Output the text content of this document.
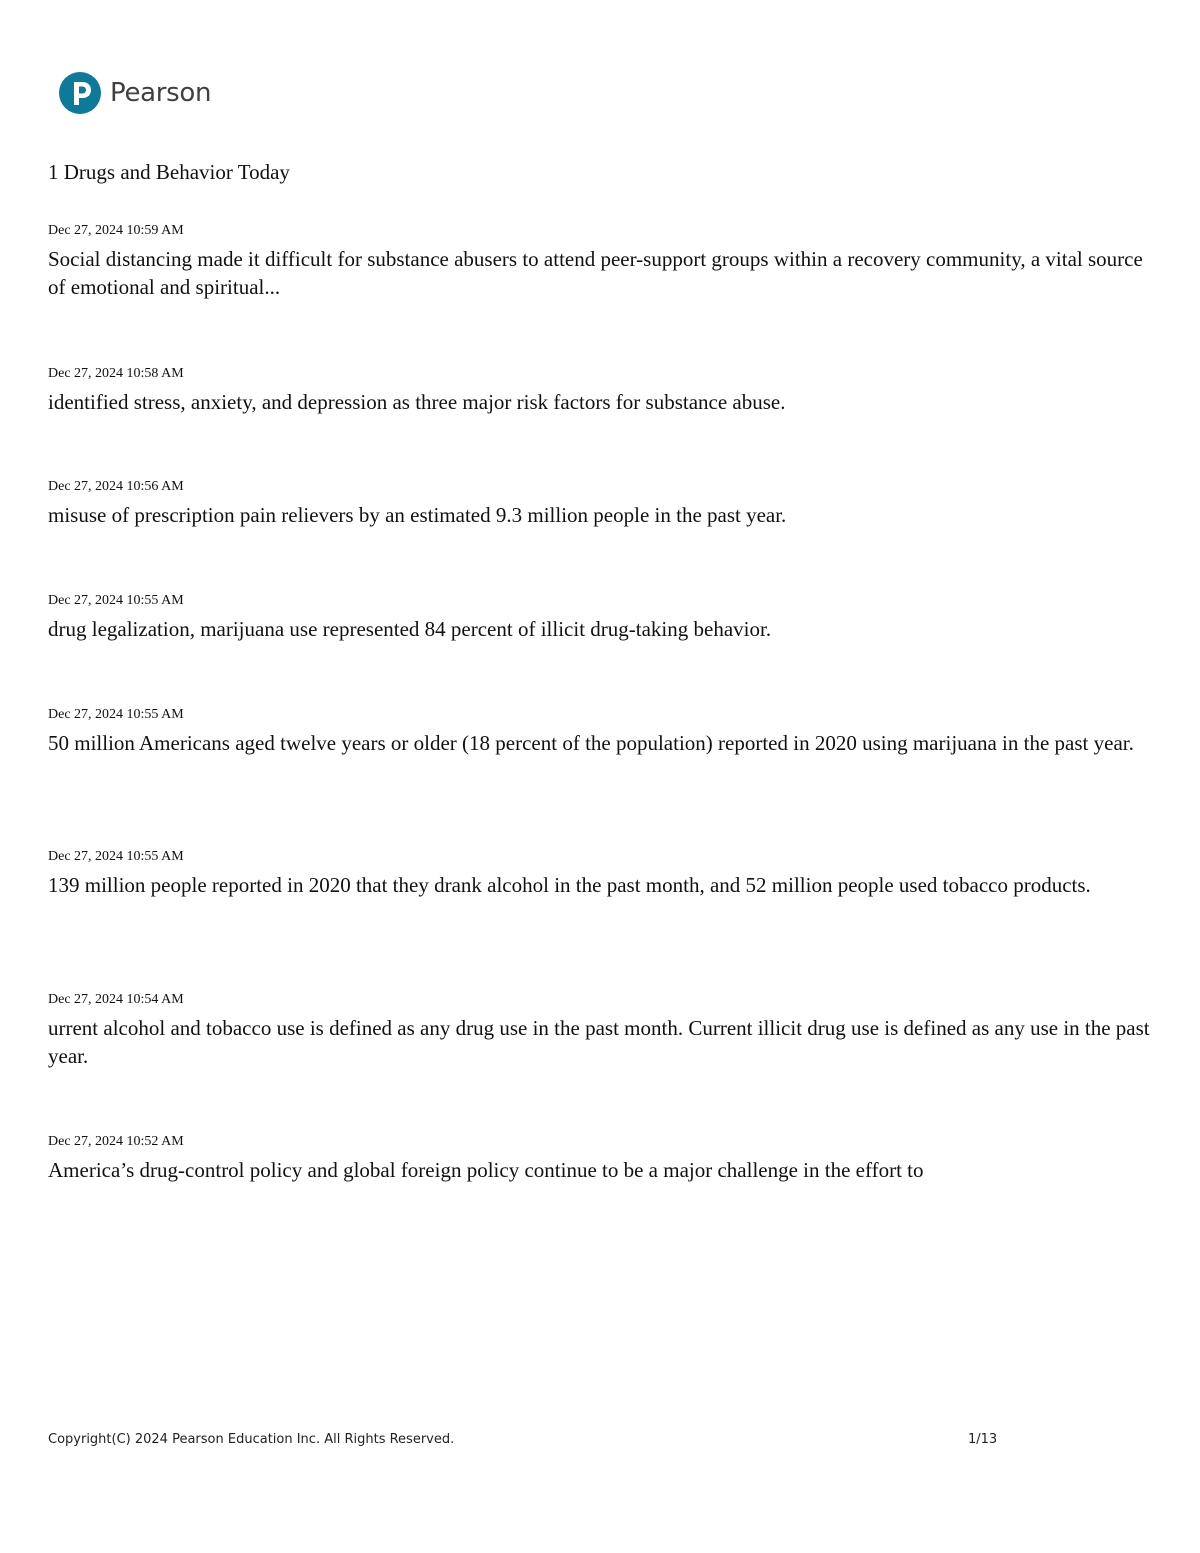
Pearson
1 Drugs and Behavior Today
Dec 27, 2024 10:59 AM
Social distancing made it difficult for substance abusers to attend peer-support groups within a recovery community, a vital source of emotional and spiritual...
Dec 27, 2024 10:58 AM
identified stress, anxiety, and depression as three major risk factors for substance abuse.
Dec 27, 2024 10:56 AM
misuse of prescription pain relievers by an estimated 9.3 million people in the past year.
Dec 27, 2024 10:55 AM
drug legalization, marijuana use represented 84 percent of illicit drug-taking behavior.
Dec 27, 2024 10:55 AM
50 million Americans aged twelve years or older (18 percent of the population) reported in 2020 using marijuana in the past year.
Dec 27, 2024 10:55 AM
139 million people reported in 2020 that they drank alcohol in the past month, and 52 million people used tobacco products.
Dec 27, 2024 10:54 AM
urrent alcohol and tobacco use is defined as any drug use in the past month. Current illicit drug use is defined as any use in the past year.
Dec 27, 2024 10:52 AM
America’s drug-control policy and global foreign policy continue to be a major challenge in the effort to
Copyright(C) 2024 Pearson Education Inc. All Rights Reserved.	1/13
